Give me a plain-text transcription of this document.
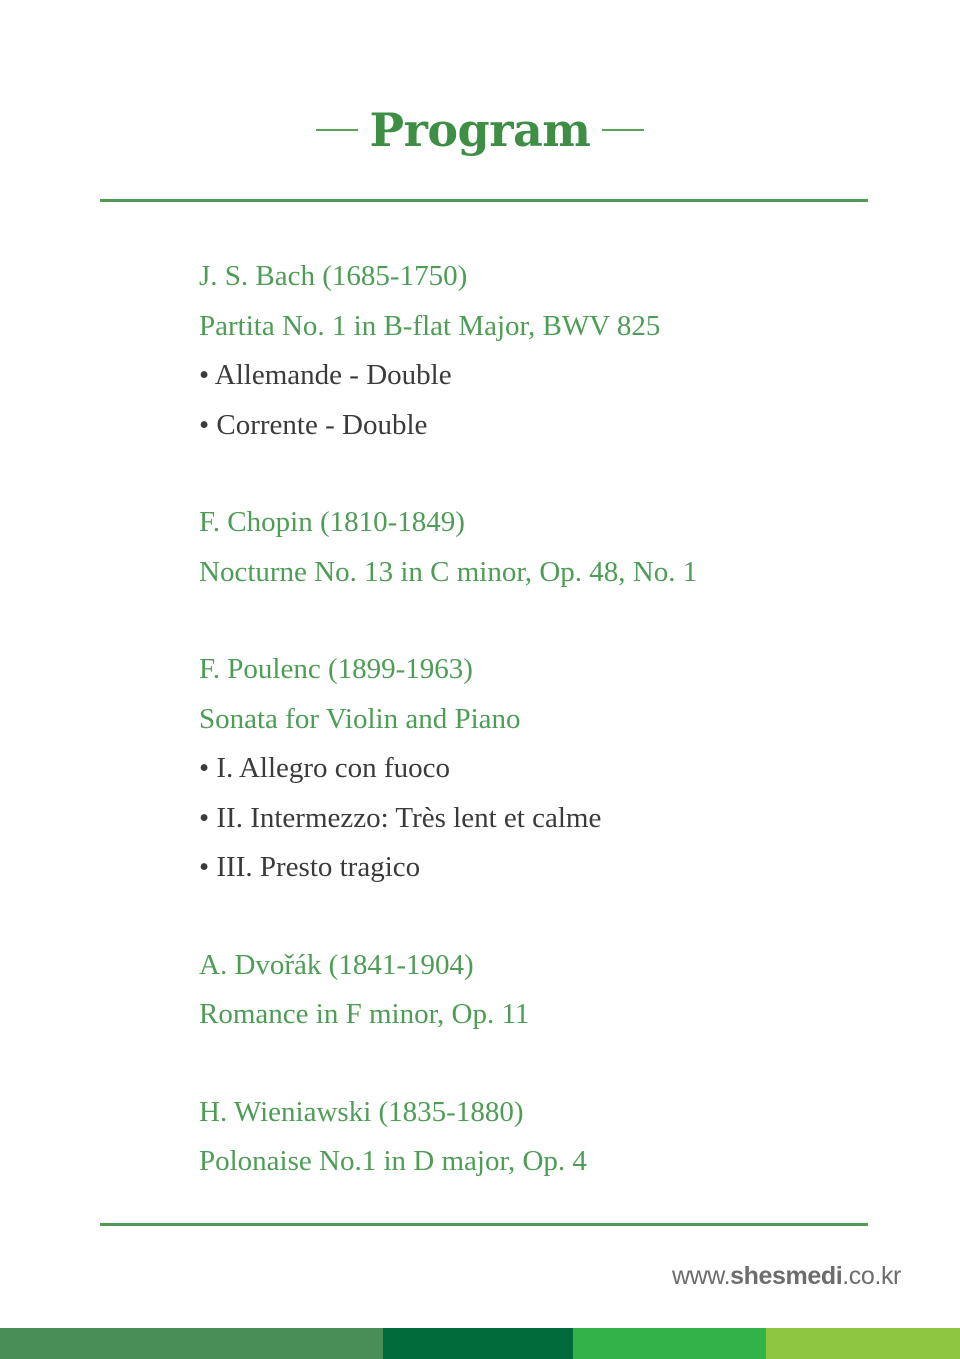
Program
J. S. Bach (1685-1750)
Partita No. 1 in B-flat Major, BWV 825
• Allemande - Double
• Corrente - Double
F. Chopin (1810-1849)
Nocturne No. 13 in C minor, Op. 48, No. 1
F. Poulenc (1899-1963)
Sonata for Violin and Piano
• I. Allegro con fuoco
• II. Intermezzo: Très lent et calme
• III. Presto tragico
A. Dvořák (1841-1904)
Romance in F minor, Op. 11
H. Wieniawski (1835-1880)
Polonaise No.1 in D major, Op. 4
www.shesmedi.co.kr
